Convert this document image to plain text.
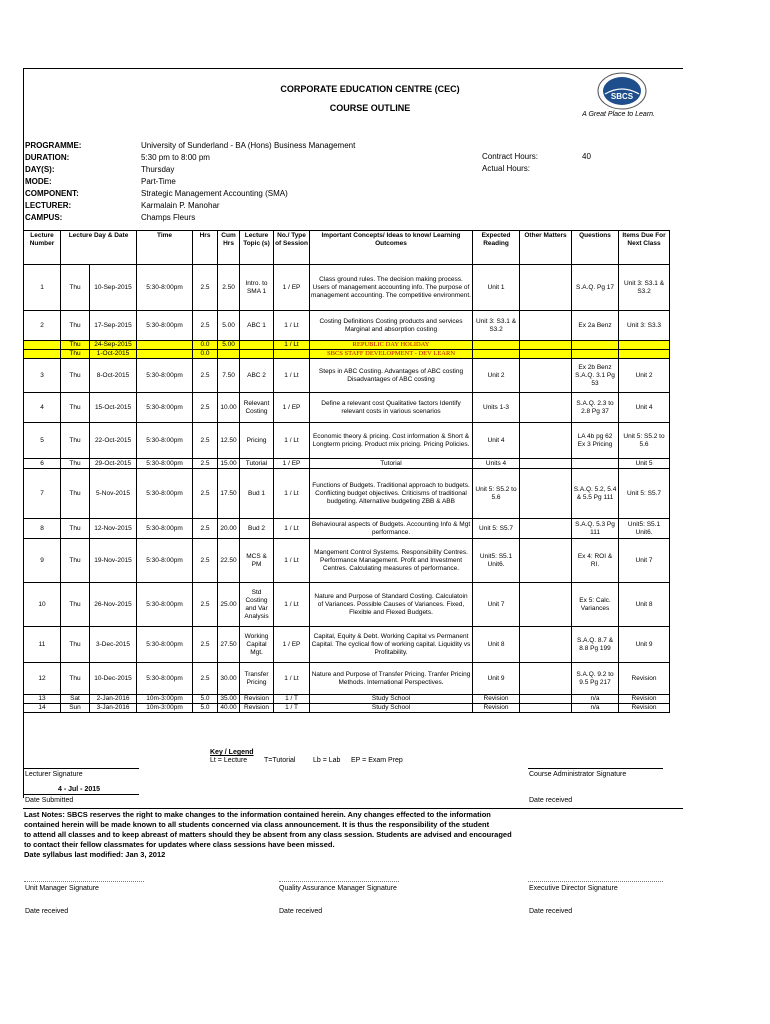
CORPORATE EDUCATION CENTRE (CEC)
COURSE OUTLINE
SBCS
A Great Place to Learn.
PROGRAMME:	University of Sunderland - BA (Hons) Business Management
DURATION:	5:30 pm to 8:00 pm
DAY(S):	Thursday
MODE:	Part-Time
COMPONENT:	Strategic Management Accounting (SMA)
LECTURER:	Karmalain P. Manohar
CAMPUS:	Champs Fleurs
Contract Hours:	40
Actual Hours:
Lecture Number	Lecture Day & Date		Time	Hrs	Cum Hrs	Lecture Topic (s)	No./ Type of Session	Important Concepts/ Ideas to know/ Learning Outcomes	Expected Reading	Other Matters	Questions	Items Due For Next Class
1	Thu	10-Sep-2015	5:30-8:00pm	2.5	2.50	Intro. to SMA 1	1 / EP	Class ground rules. The decision making process. Users of management accounting info. The purpose of management accounting. The competitive environment.	Unit 1		S.A.Q. Pg 17	Unit 3: S3.1 & S3.2
2	Thu	17-Sep-2015	5:30-8:00pm	2.5	5.00	ABC 1	1 / Lt	Costing Definitions Costing products and services Marginal and absorption costing	Unit 3: S3.1 & S3.2		Ex 2a Benz	Unit 3: S3.3
	Thu	24-Sep-2015		0.0	5.00		1 / Lt	REPUBLIC DAY HOLIDAY				
	Thu	1-Oct-2015		0.0				SBCS STAFF DEVELOPMENT - DEV LEARN				
3	Thu	8-Oct-2015	5:30-8:00pm	2.5	7.50	ABC 2	1 / Lt	Steps in ABC Costing. Advantages of ABC costing Disadvantages of ABC costing	Unit 2		Ex 2b Benz S.A.Q. 3.1 Pg 53	Unit 2
4	Thu	15-Oct-2015	5:30-8:00pm	2.5	10.00	Relevant Costing	1 / EP	Define a relevant cost Qualitative factors Identify relevant costs in various scenarios	Units 1-3		S.A.Q. 2.3 to 2.8 Pg 37	Unit 4
5	Thu	22-Oct-2015	5:30-8:00pm	2.5	12.50	Pricing	1 / Lt	Economic theory & pricing. Cost information & Short & Longterm pricing. Product mix pricing. Pricing Policies.	Unit 4		LA 4b pg 62 Ex 3 Pricing	Unit 5: S5.2 to 5.6
6	Thu	29-Oct-2015	5:30-8:00pm	2.5	15.00	Tutorial	1 / EP	Tutorial	Units 4			Unit 5
7	Thu	5-Nov-2015	5:30-8:00pm	2.5	17.50	Bud 1	1 / Lt	Functions of Budgets. Traditional approach to budgets. Conflicting budget objectives. Criticisms of traditional budgeting. Alternative budgeting ZBB & ABB	Unit 5: S5.2 to 5.6		S.A.Q. 5.2, 5.4 & 5.5 Pg 111	Unit 5: S5.7
8	Thu	12-Nov-2015	5:30-8:00pm	2.5	20.00	Bud 2	1 / Lt	Behavioural aspects of Budgets. Accounting Info & Mgt performance.	Unit 5: S5.7		S.A.Q. 5.3 Pg 111	Unit5: S5.1 Unit6.
9	Thu	19-Nov-2015	5:30-8:00pm	2.5	22.50	MCS & PM	1 / Lt	Mangement Control Systems. Responsibility Centres. Performance Management. Profit and Investment Centres. Calculating measures of performance.	Unit5: S5.1 Unit6.		Ex 4: ROI & RI.	Unit 7
10	Thu	26-Nov-2015	5:30-8:00pm	2.5	25.00	Std Costing and Var Analysis	1 / Lt	Nature and Purpose of Standard Costing. Calculatoin of Variances. Possible Causes of Variances. Fixed, Flexible and Flexed Budgets.	Unit 7		Ex 5: Calc. Variances	Unit 8
11	Thu	3-Dec-2015	5:30-8:00pm	2.5	27.50	Working Capital Mgt.	1 / EP	Capital, Equity & Debt. Working Capital vs Permanent Capital. The cyclical flow of working capital. Liquidity vs Profitability.	Unit 8		S.A.Q. 8.7 & 8.8 Pg 199	Unit 9
12	Thu	10-Dec-2015	5:30-8:00pm	2.5	30.00	Transfer Pricing	1 / Lt	Nature and Purpose of Transfer Pricing. Tranfer Pricing Methods. International Perspectives.	Unit 9		S.A.Q. 9.2 to 9.5 Pg 217	Revision
13	Sat	2-Jan-2016	10m-3:00pm	5.0	35.00	Revision	1 / T	Study School	Revision		n/a	Revision
14	Sun	3-Jan-2016	10m-3:00pm	5.0	40.00	Revision	1 / T	Study School	Revision		n/a	Revision
Key / Legend
Lt = Lecture T=Tutorial	Lb = Lab EP = Exam Prep
Lecturer Signature	Course Administrator Signature
4 - Jul - 2015
Date Submitted	Date received
Last Notes: SBCS reserves the right to make changes to the information contained herein. Any changes effected to the information
contained herein will be made known to all students concerned via class announcement. It is thus the responsibility of the student
to attend all classes and to keep abreast of matters should they be absent from any class session. Students are advised and encouraged
to contact their fellow classmates for updates where class sessions have been missed.
Date syllabus last modified: Jan 3, 2012
Unit Manager Signature	Quality Assurance Manager Signature	Executive Director Signature
Date received	Date received	Date received
